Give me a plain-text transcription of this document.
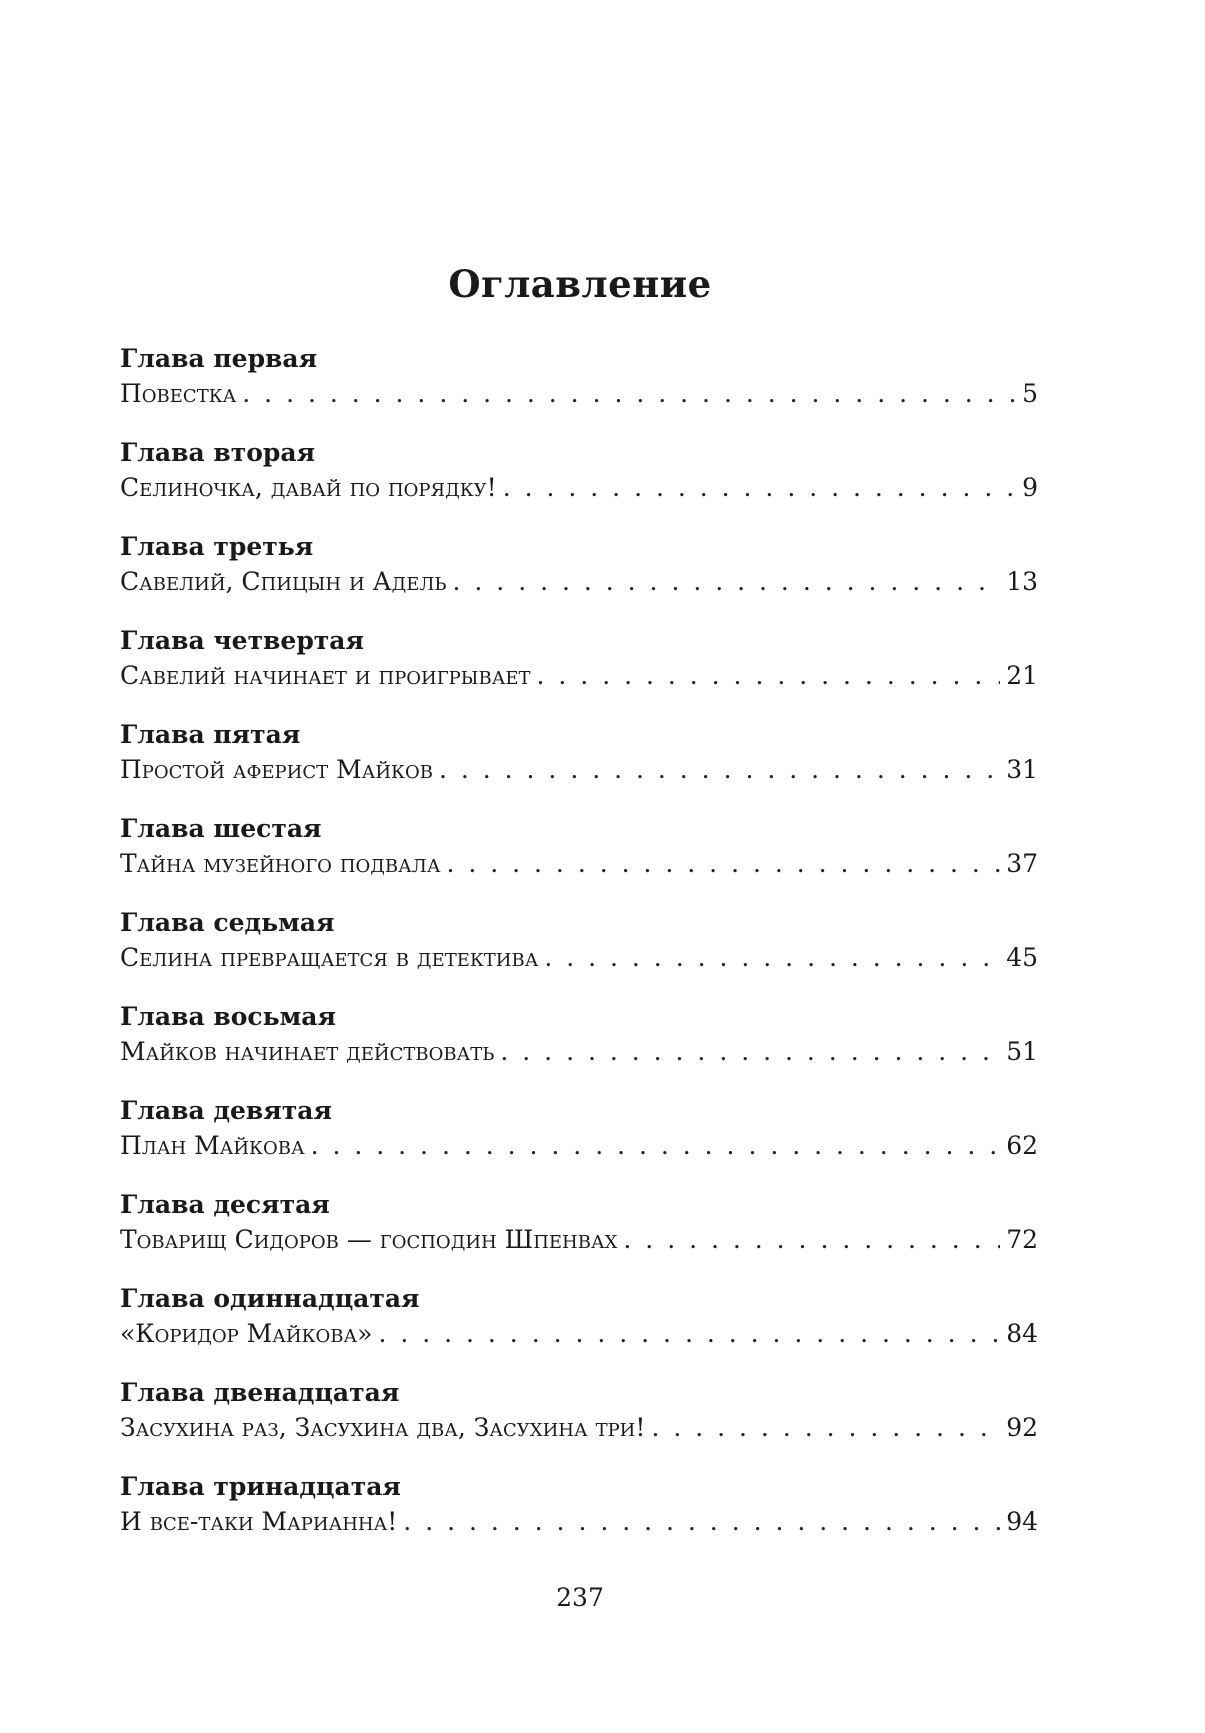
Оглавление
Глава первая
Повестка . . .	5
Глава вторая
Селиночка, давай по порядку! . . .	9
Глава третья
Савелий, Спицын и Адель . . .	13
Глава четвертая
Савелий начинает и проигрывает . . .	21
Глава пятая
Простой аферист Майков . . .	31
Глава шестая
Тайна музейного подвала . . .	37
Глава седьмая
Селина превращается в детектива . . .	45
Глава восьмая
Майков начинает действовать . . .	51
Глава девятая
План Майкова . . .	62
Глава десятая
Товарищ Сидоров — господин Шпенвах . . .	72
Глава одиннадцатая
«Коридор Майкова» . . .	84
Глава двенадцатая
Засухина раз, Засухина два, Засухина три! . . .	92
Глава тринадцатая
И все-таки Марианна! . . .	94
237
